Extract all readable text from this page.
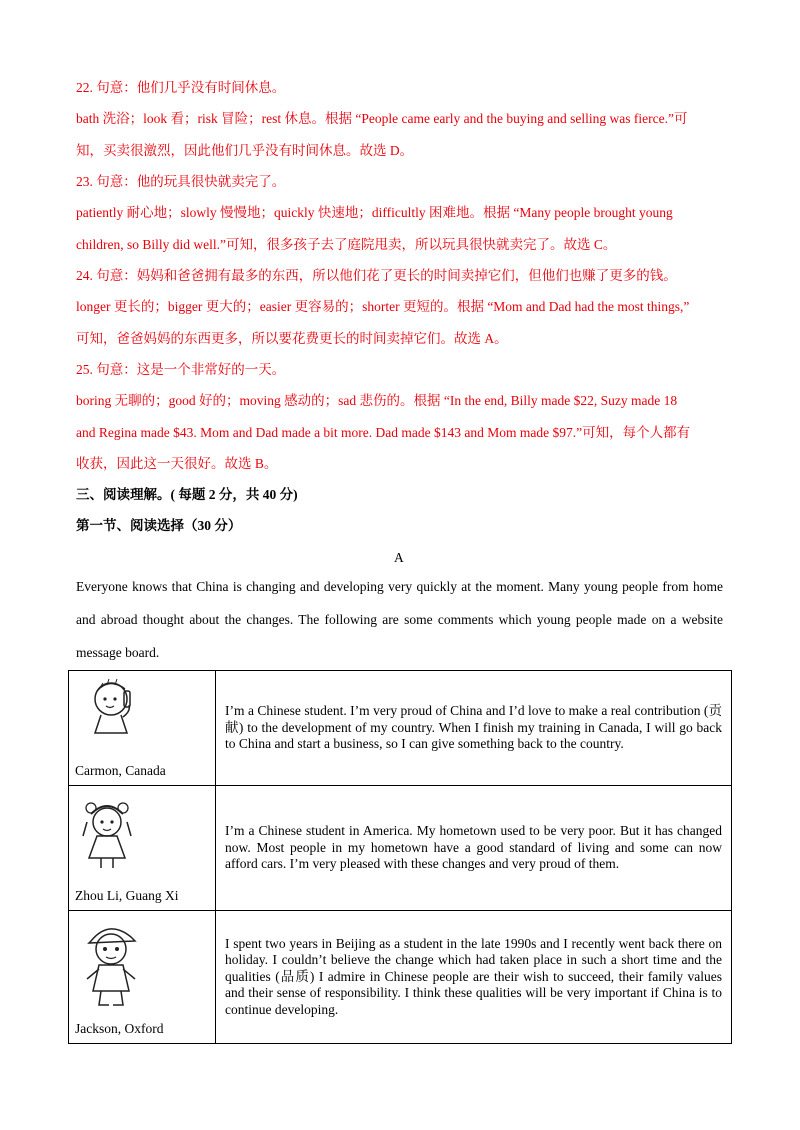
22. 句意：他们几乎没有时间休息。
bath 洗浴；look 看；risk 冒险；rest 休息。根据 “People came early and the buying and selling was fierce.”可
知，买卖很激烈，因此他们几乎没有时间休息。故选 D。
23. 句意：他的玩具很快就卖完了。
patiently 耐心地；slowly 慢慢地；quickly 快速地；difficultly 困难地。根据 “Many people brought young
children, so Billy did well.”可知，很多孩子去了庭院甩卖，所以玩具很快就卖完了。故选 C。
24. 句意：妈妈和爸爸拥有最多的东西，所以他们花了更长的时间卖掉它们，但他们也赚了更多的钱。
longer 更长的；bigger 更大的；easier 更容易的；shorter 更短的。根据 “Mom and Dad had the most things,”
可知，爸爸妈妈的东西更多，所以要花费更长的时间卖掉它们。故选 A。
25. 句意：这是一个非常好的一天。
boring 无聊的；good 好的；moving 感动的；sad 悲伤的。根据 “In the end, Billy made $22, Suzy made 18
and Regina made $43. Mom and Dad made a bit more. Dad made $143 and Mom made $97.”可知，每个人都有
收获，因此这一天很好。故选 B。
三、阅读理解。( 每题 2 分，共 40 分)
第一节、阅读选择（30 分）
A
Everyone knows that China is changing and developing very quickly at the moment. Many young people from home and abroad thought about the changes. The following are some comments which young people made on a website message board.
Carmon, Canada	I’m a Chinese student. I’m very proud of China and I’d love to make a real contribution (贡献) to the development of my country. When I finish my training in Canada, I will go back to China and start a business, so I can give something back to the country.

Zhou Li, Guang Xi	I’m a Chinese student in America. My hometown used to be very poor. But it has changed now. Most people in my hometown have a good standard of living and some can now afford cars. I’m very pleased with these changes and very proud of them.

Jackson, Oxford	I spent two years in Beijing as a student in the late 1990s and I recently went back there on holiday. I couldn’t believe the change which had taken place in such a short time and the qualities (品质) I admire in Chinese people are their wish to succeed, their family values and their sense of responsibility. I think these qualities will be very important if China is to continue developing.
